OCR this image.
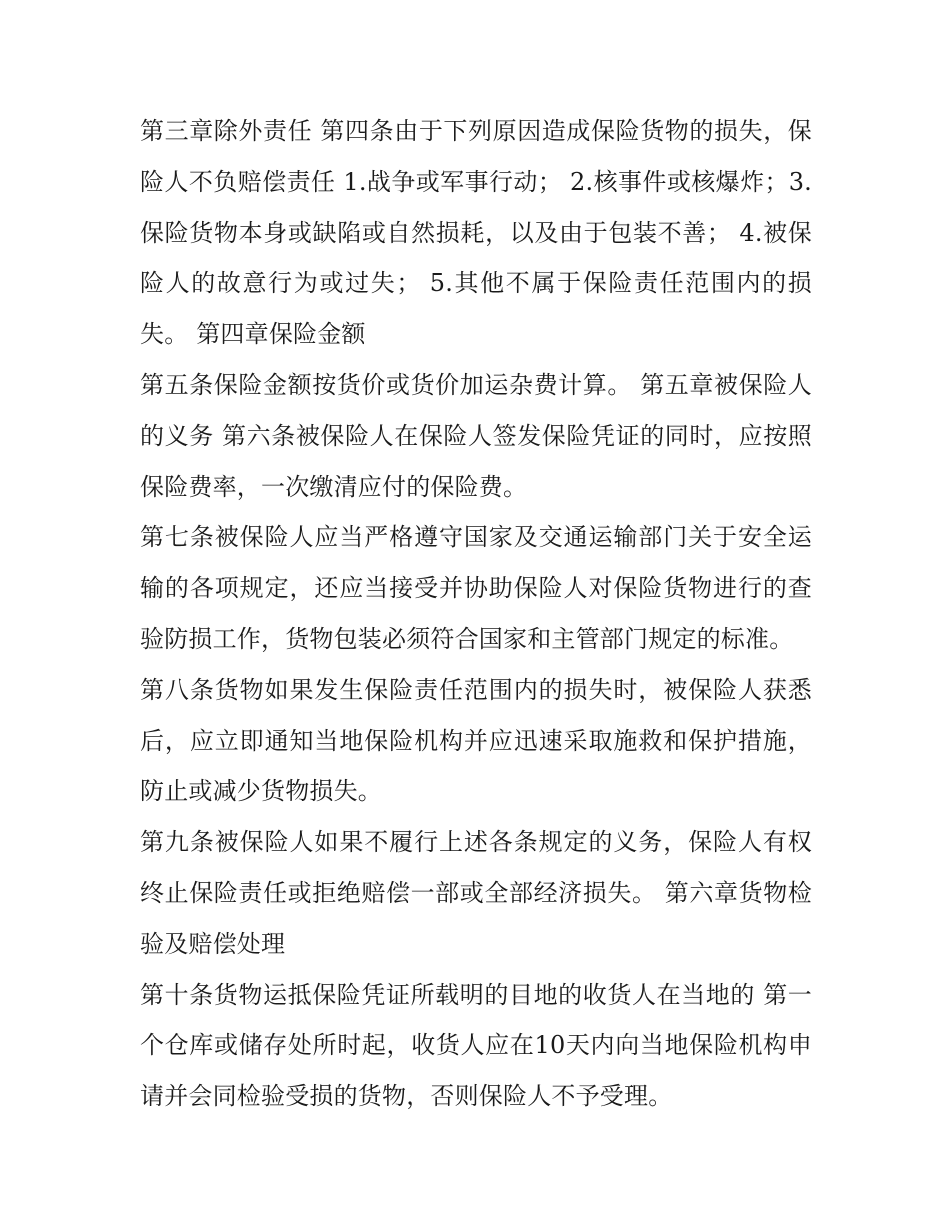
第三章除外责任 第四条由于下列原因造成保险货物的损失，保险人不负赔偿责任 1.战争或军事行动； 2.核事件或核爆炸；3.保险货物本身或缺陷或自然损耗，以及由于包装不善； 4.被保险人的故意行为或过失； 5.其他不属于保险责任范围内的损失。 第四章保险金额

第五条保险金额按货价或货价加运杂费计算。 第五章被保险人的义务 第六条被保险人在保险人签发保险凭证的同时，应按照保险费率，一次缴清应付的保险费。

第七条被保险人应当严格遵守国家及交通运输部门关于安全运输的各项规定，还应当接受并协助保险人对保险货物进行的查验防损工作，货物包装必须符合国家和主管部门规定的标准。

第八条货物如果发生保险责任范围内的损失时，被保险人获悉后，应立即通知当地保险机构并应迅速采取施救和保护措施，防止或减少货物损失。

第九条被保险人如果不履行上述各条规定的义务，保险人有权终止保险责任或拒绝赔偿一部或全部经济损失。 第六章货物检验及赔偿处理

第十条货物运抵保险凭证所载明的目地的收货人在当地的 第一个仓库或储存处所时起，收货人应在10天内向当地保险机构申请并会同检验受损的货物，否则保险人不予受理。
